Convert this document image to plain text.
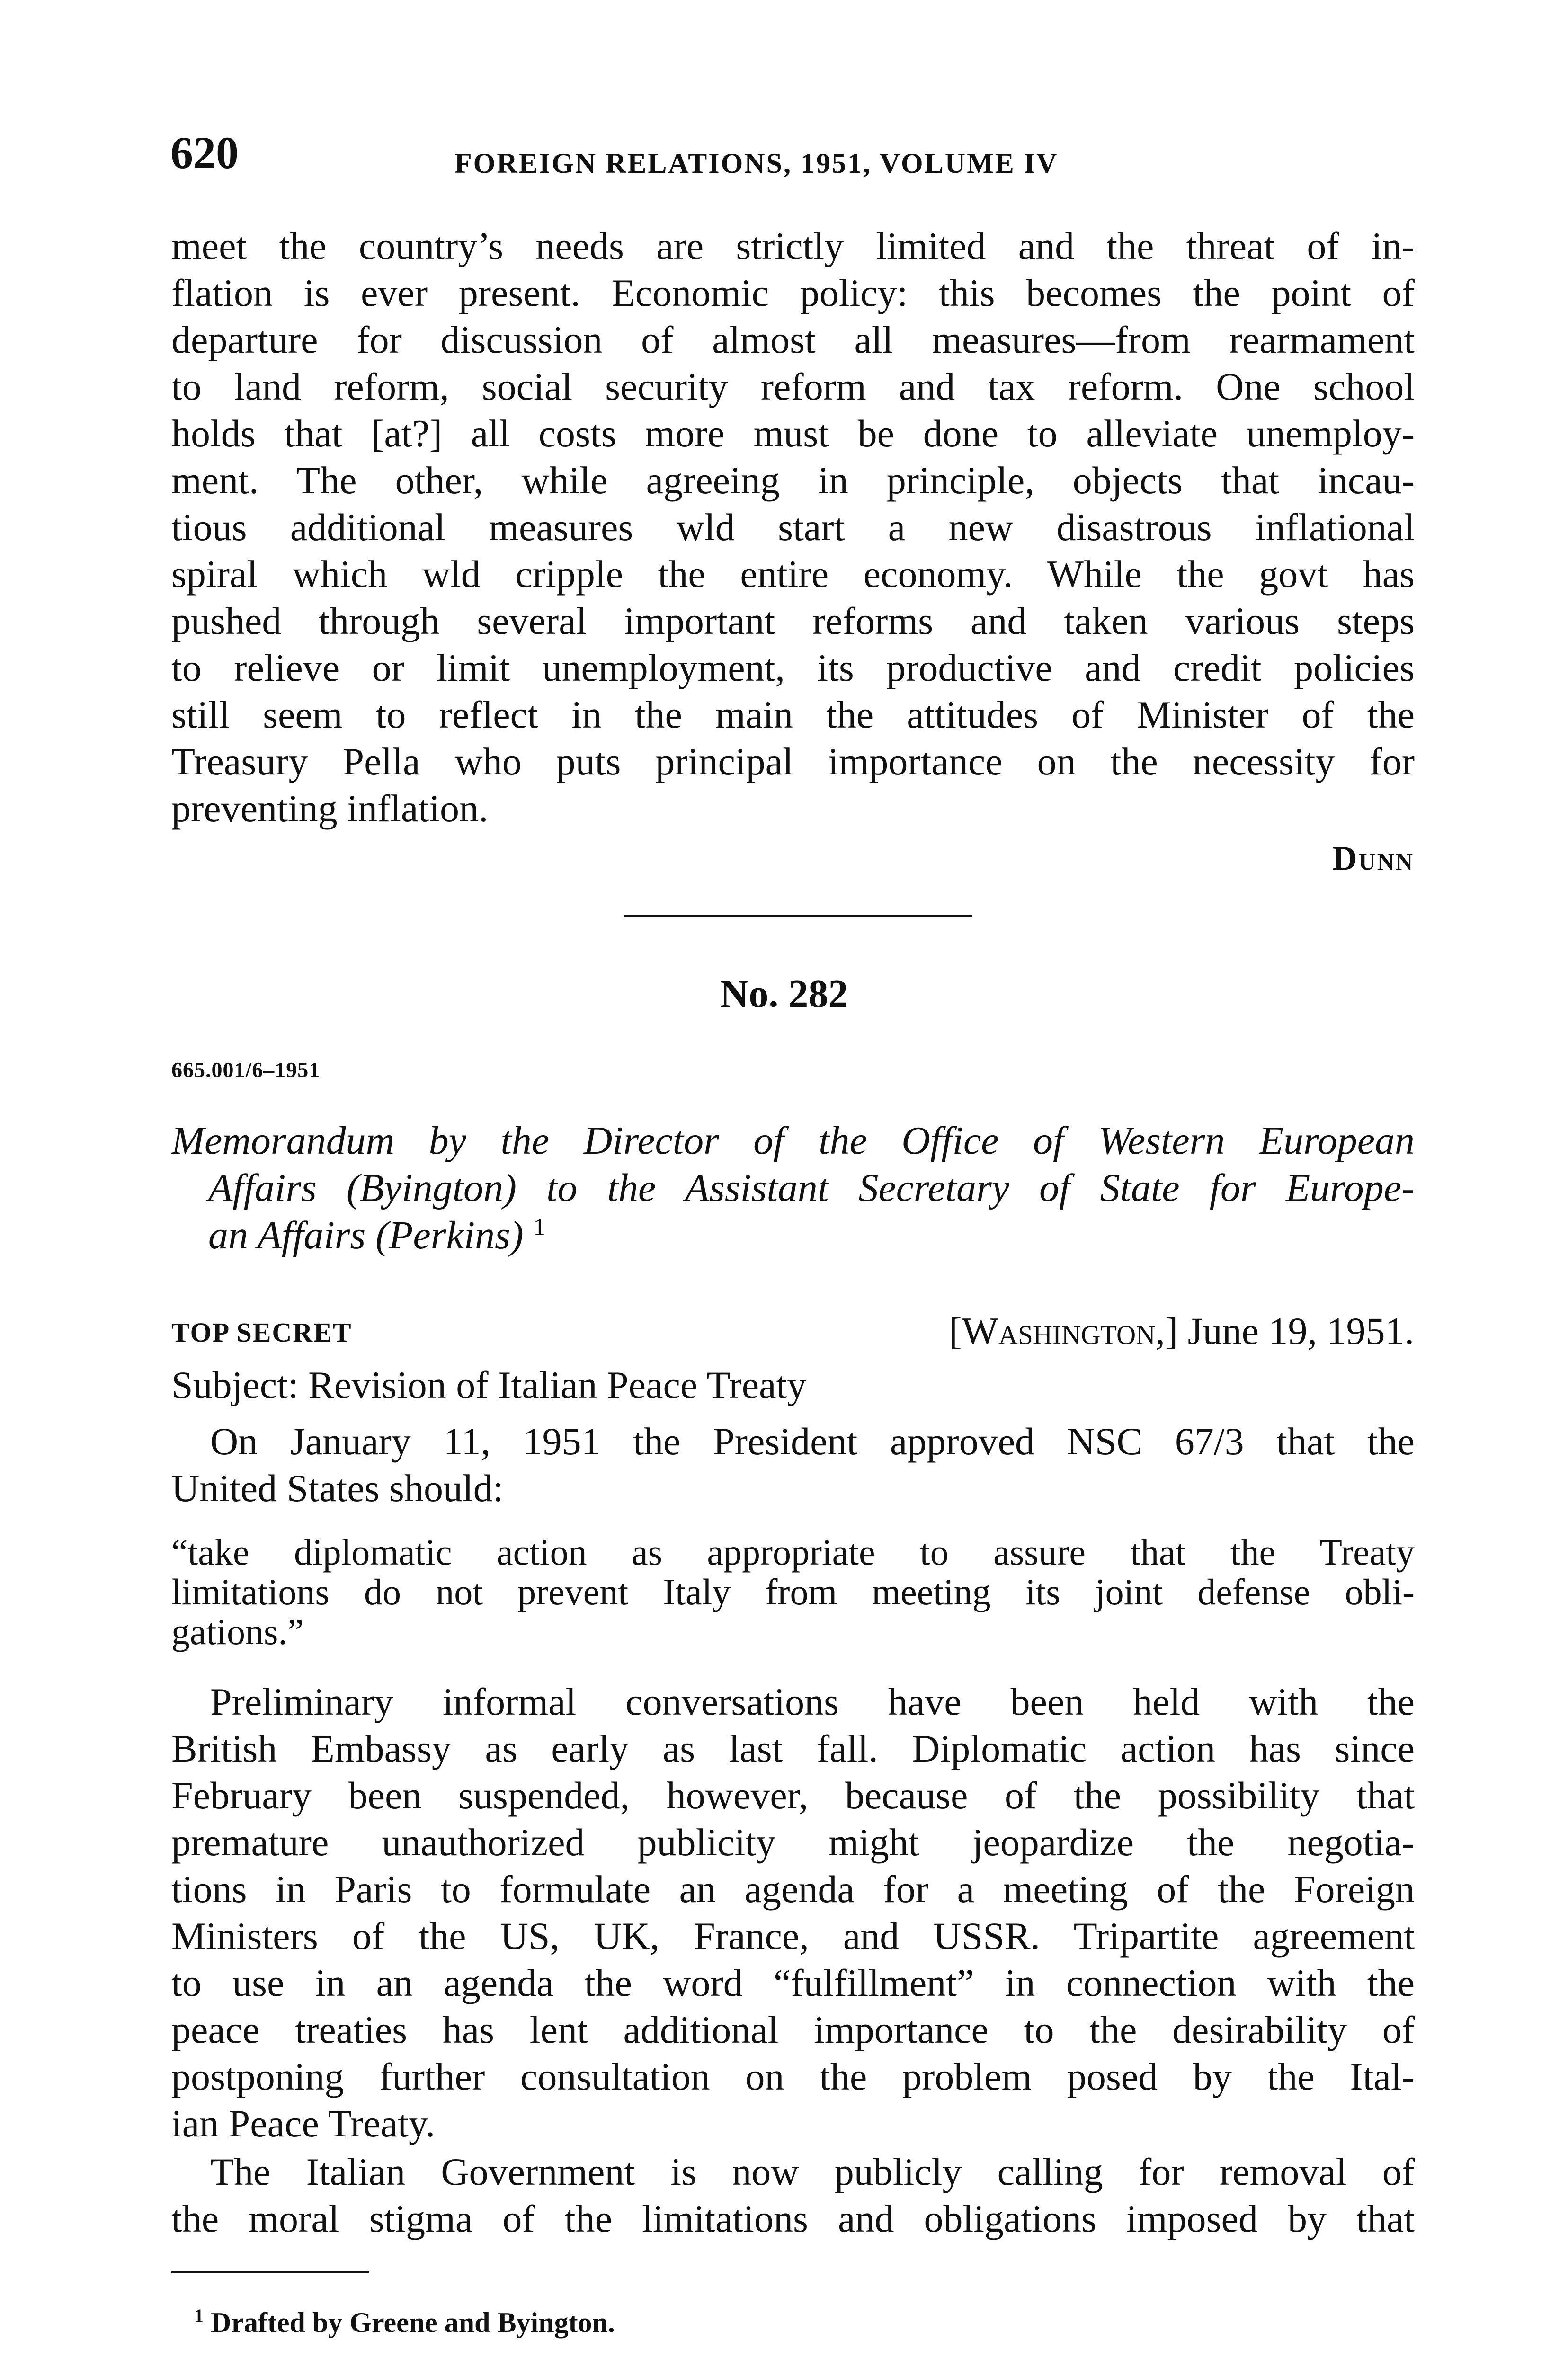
620	FOREIGN RELATIONS, 1951, VOLUME IV
meet the country’s needs are strictly limited and the threat of in-
flation is ever present. Economic policy: this becomes the point of
departure for discussion of almost all measures—from rearmament
to land reform, social security reform and tax reform. One school
holds that [at?] all costs more must be done to alleviate unemploy-
ment. The other, while agreeing in principle, objects that incau-
tious additional measures wld start a new disastrous inflational
spiral which wld cripple the entire economy. While the govt has
pushed through several important reforms and taken various steps
to relieve or limit unemployment, its productive and credit policies
still seem to reflect in the main the attitudes of Minister of the
Treasury Pella who puts principal importance on the necessity for
preventing inflation.
Dunn
No. 282
665.001/6–1951
Memorandum by the Director of the Office of Western European
Affairs (Byington) to the Assistant Secretary of State for Europe-
an Affairs (Perkins) $^1$
TOP SECRET	[Washington,] June 19, 1951.
Subject: Revision of Italian Peace Treaty
On January 11, 1951 the President approved NSC 67/3 that the
United States should:
“take diplomatic action as appropriate to assure that the Treaty
limitations do not prevent Italy from meeting its joint defense obli-
gations.”
Preliminary informal conversations have been held with the
British Embassy as early as last fall. Diplomatic action has since
February been suspended, however, because of the possibility that
premature unauthorized publicity might jeopardize the negotia-
tions in Paris to formulate an agenda for a meeting of the Foreign
Ministers of the US, UK, France, and USSR. Tripartite agreement
to use in an agenda the word “fulfillment” in connection with the
peace treaties has lent additional importance to the desirability of
postponing further consultation on the problem posed by the Ital-
ian Peace Treaty.
The Italian Government is now publicly calling for removal of
the moral stigma of the limitations and obligations imposed by that
$^1$ Drafted by Greene and Byington.
